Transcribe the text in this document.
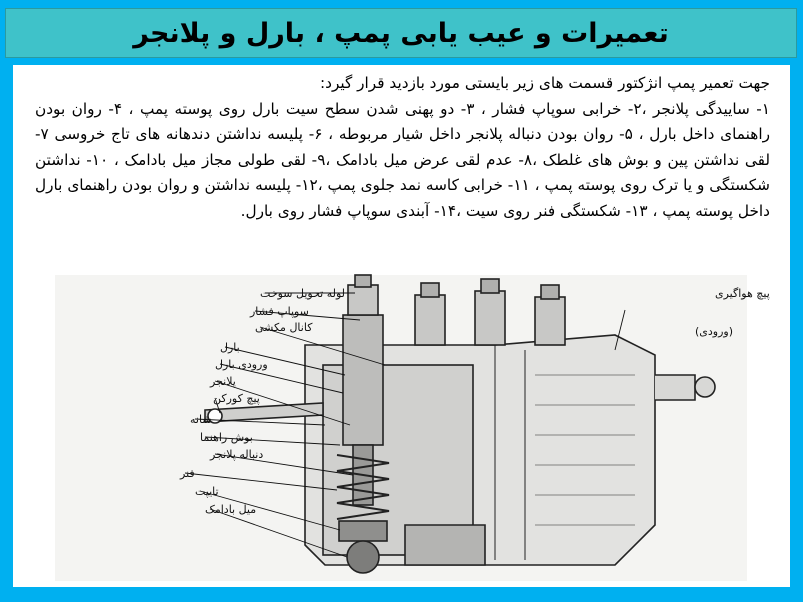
تعمیرات و عیب یابی پمپ ، بارل و پلانجر

جهت تعمیر پمپ انژکتور قسمت های زیر بایستی مورد بازدید قرار گیرد:

۱- ساییدگی پلانجر ،۲- خرابی سوپاپ فشار ، ۳- دو پهنی شدن سطح سیت بارل روی پوسته پمپ ، ۴- روان بودن راهنمای داخل بارل ، ۵- روان بودن دنباله پلانجر داخل شیار مربوطه ، ۶- پلیسه نداشتن دندهانه های تاج خروسی ۷- لقی نداشتن پین و بوش های غلطک ،۸- عدم لقی عرض میل بادامک ،۹- لقی طولی مجاز میل بادامک ، ۱۰- نداشتن شکستگی و یا ترک روی پوسته پمپ ، ۱۱- خرابی کاسه نمد جلوی پمپ ،۱۲- پلیسه نداشتن و روان بودن راهنمای بارل داخل پوسته پمپ ، ۱۳- شکستگی فنر روی سیت ،۱۴- آبندی سوپاپ فشار روی بارل.

لوله تحویل سوخت
سوپاپ فشار
کانال مکشی
بارل
ورودی بارل
پلانجر
پیچ کورکن
شانه
بوش راهنما
دنباله پلانجر
فنر
تایپت
میل بادامک
پیچ هواگیری
(ورودی)
